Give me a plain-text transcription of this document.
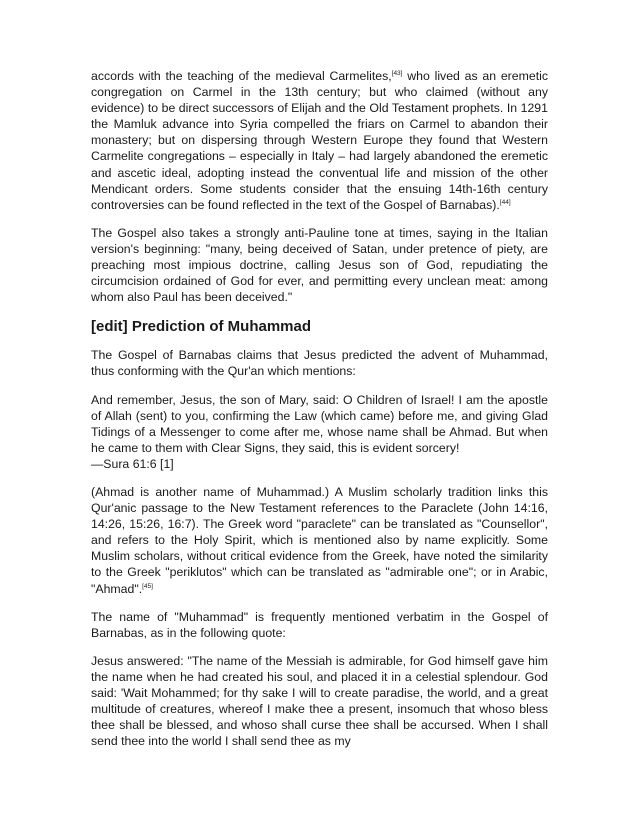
accords with the teaching of the medieval Carmelites,[43] who lived as an eremetic congregation on Carmel in the 13th century; but who claimed (without any evidence) to be direct successors of Elijah and the Old Testament prophets. In 1291 the Mamluk advance into Syria compelled the friars on Carmel to abandon their monastery; but on dispersing through Western Europe they found that Western Carmelite congregations – especially in Italy – had largely abandoned the eremetic and ascetic ideal, adopting instead the conventual life and mission of the other Mendicant orders. Some students consider that the ensuing 14th-16th century controversies can be found reflected in the text of the Gospel of Barnabas).[44]

The Gospel also takes a strongly anti-Pauline tone at times, saying in the Italian version's beginning: "many, being deceived of Satan, under pretence of piety, are preaching most impious doctrine, calling Jesus son of God, repudiating the circumcision ordained of God for ever, and permitting every unclean meat: among whom also Paul has been deceived."

[edit] Prediction of Muhammad

The Gospel of Barnabas claims that Jesus predicted the advent of Muhammad, thus conforming with the Qur'an which mentions:

And remember, Jesus, the son of Mary, said: O Children of Israel! I am the apostle of Allah (sent) to you, confirming the Law (which came) before me, and giving Glad Tidings of a Messenger to come after me, whose name shall be Ahmad. But when he came to them with Clear Signs, they said, this is evident sorcery!
—Sura 61:6 [1]

(Ahmad is another name of Muhammad.) A Muslim scholarly tradition links this Qur'anic passage to the New Testament references to the Paraclete (John 14:16, 14:26, 15:26, 16:7). The Greek word "paraclete" can be translated as "Counsellor", and refers to the Holy Spirit, which is mentioned also by name explicitly. Some Muslim scholars, without critical evidence from the Greek, have noted the similarity to the Greek "periklutos" which can be translated as "admirable one"; or in Arabic, "Ahmad".[45]

The name of "Muhammad" is frequently mentioned verbatim in the Gospel of Barnabas, as in the following quote:

Jesus answered: "The name of the Messiah is admirable, for God himself gave him the name when he had created his soul, and placed it in a celestial splendour. God said: 'Wait Mohammed; for thy sake I will to create paradise, the world, and a great multitude of creatures, whereof I make thee a present, insomuch that whoso bless thee shall be blessed, and whoso shall curse thee shall be accursed. When I shall send thee into the world I shall send thee as my
